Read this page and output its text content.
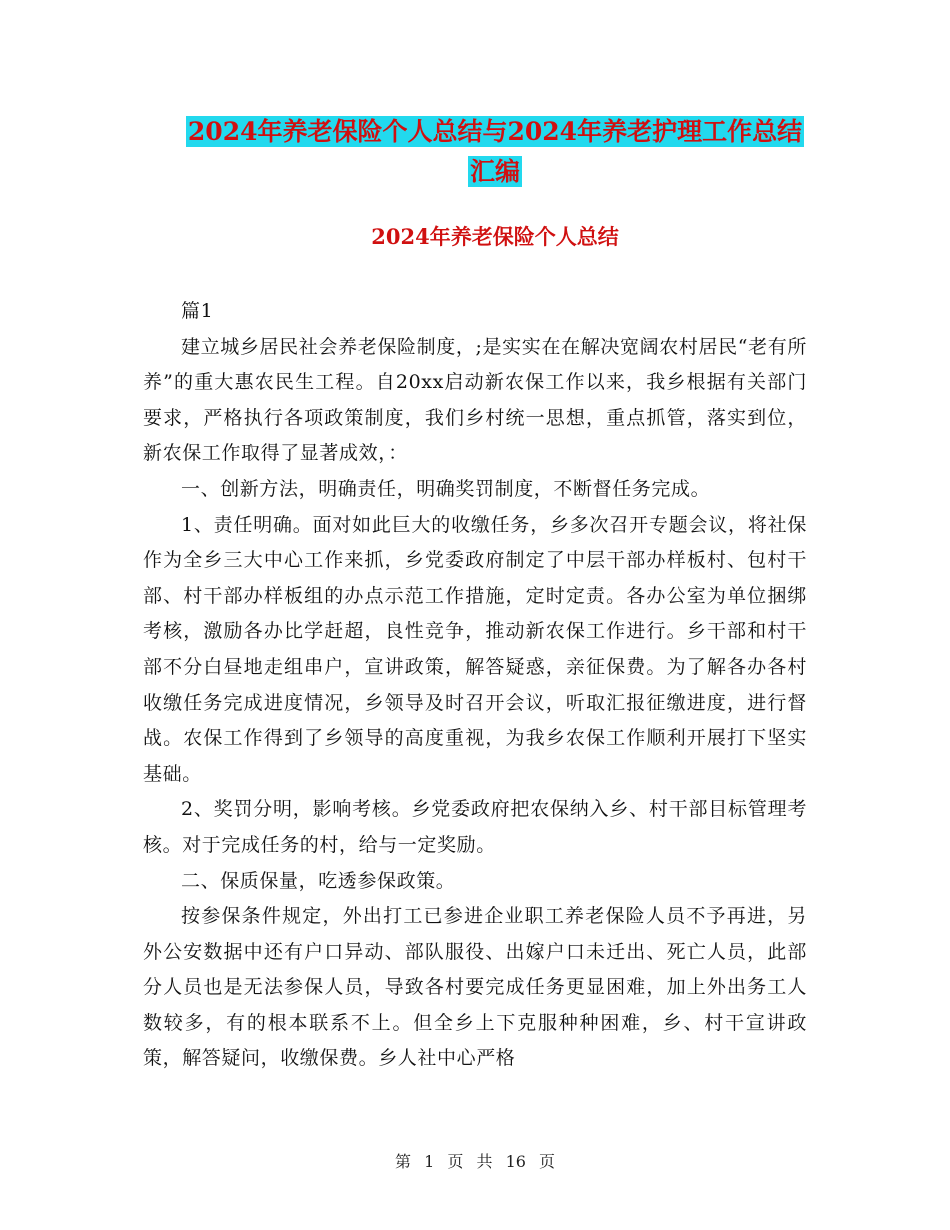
2024年养老保险个人总结与2024年养老护理工作总结
汇编
2024年养老保险个人总结

篇1

建立城乡居民社会养老保险制度，;是实实在在解决宽阔农村居民“老有所养”的重大惠农民生工程。自20xx启动新农保工作以来，我乡根据有关部门要求，严格执行各项政策制度，我们乡村统一思想，重点抓管，落实到位，新农保工作取得了显著成效，：

一、创新方法，明确责任，明确奖罚制度，不断督任务完成。

1、责任明确。面对如此巨大的收缴任务，乡多次召开专题会议，将社保作为全乡三大中心工作来抓，乡党委政府制定了中层干部办样板村、包村干部、村干部办样板组的办点示范工作措施，定时定责。各办公室为单位捆绑考核，激励各办比学赶超，良性竞争，推动新农保工作进行。乡干部和村干部不分白昼地走组串户，宣讲政策，解答疑惑，亲征保费。为了解各办各村收缴任务完成进度情况，乡领导及时召开会议，听取汇报征缴进度，进行督战。农保工作得到了乡领导的高度重视，为我乡农保工作顺利开展打下坚实基础。

2、奖罚分明，影响考核。乡党委政府把农保纳入乡、村干部目标管理考核。对于完成任务的村，给与一定奖励。

二、保质保量，吃透参保政策。

按参保条件规定，外出打工已参进企业职工养老保险人员不予再进，另外公安数据中还有户口异动、部队服役、出嫁户口未迁出、死亡人员，此部分人员也是无法参保人员，导致各村要完成任务更显困难，加上外出务工人数较多，有的根本联系不上。但全乡上下克服种种困难，乡、村干宣讲政策，解答疑问，收缴保费。乡人社中心严格

第 1 页 共 16 页
